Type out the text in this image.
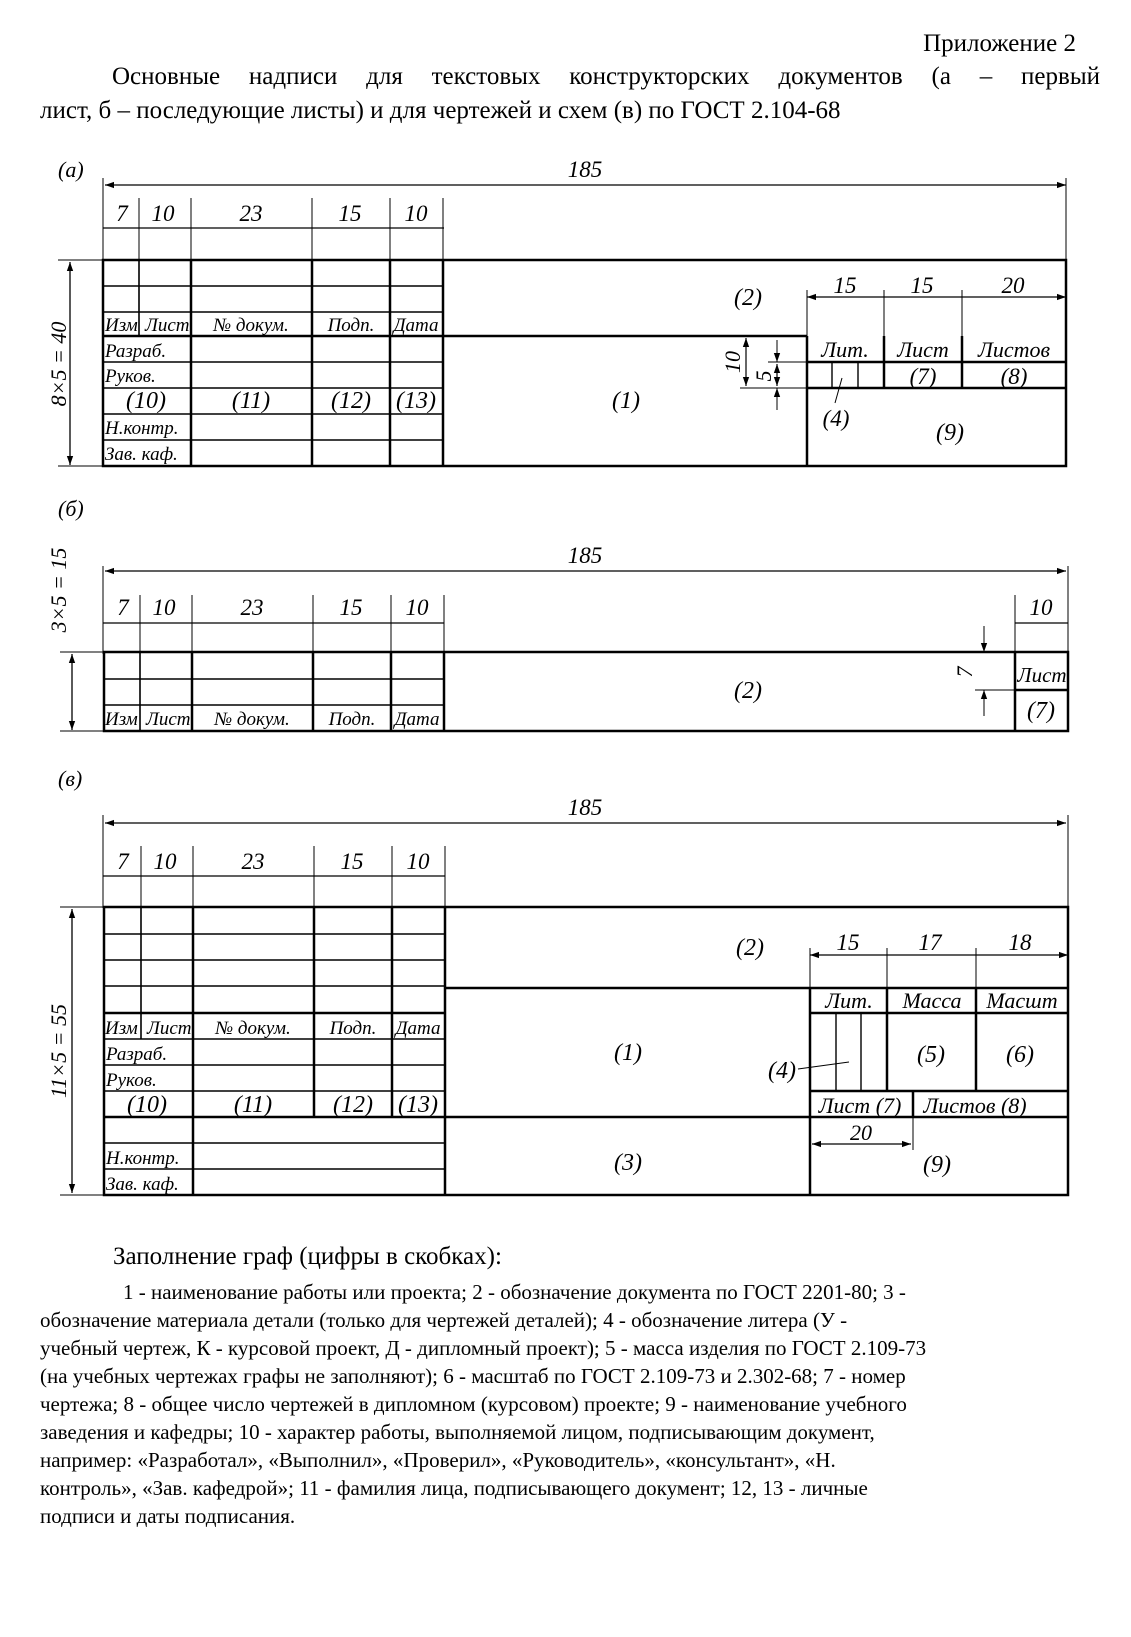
Приложение 2
Основные надписи для текстовых конструкторских документов (а – первый
лист, б – последующие листы) и для чертежей и схем (в) по ГОСТ 2.104-68
(а)	185
7 10	23	15 10
8×5 = 40 Изм Лист № докум. Подп. Дата
Разраб.
Руков.
Н.контр.
Зав. каф.
(10)	(11)	(12) (13)	(1)
(2)	15 15	20
10
5
Лит. Лист Листов
(7)	(8)
(4)
(9)
(б)
185
7 10	23	15 10	10
3×5 = 15
Изм Лист № докум. Подп. Дата
(2)
7 Лист
(7)
(в)
185
7 10	23	15 10
11×5 = 55 Изм Лист № докум. Подп. Дата
Разраб.
Руков.
Н.контр.
Зав. каф.
(10)	(11)	(12) (13)
(1)
(2)
(3)
15	17	18
Лит. Масса Масшт
(5)	(6)
(4)
Лист (7) Листов (8)
20
(9)
Заполнение граф (цифры в скобках):
1 - наименование работы или проекта; 2 - обозначение документа по ГОСТ 2201-80; 3 -
обозначение материала детали (только для чертежей деталей); 4 - обозначение литера (У -
учебный чертеж, К - курсовой проект, Д - дипломный проект); 5 - масса изделия по ГОСТ 2.109-73
(на учебных чертежах графы не заполняют); 6 - масштаб по ГОСТ 2.109-73 и 2.302-68; 7 - номер
чертежа; 8 - общее число чертежей в дипломном (курсовом) проекте; 9 - наименование учебного
заведения и кафедры; 10 - характер работы, выполняемой лицом, подписывающим документ,
например: «Разработал», «Выполнил», «Проверил», «Руководитель», «консультант», «Н.
контроль», «Зав. кафедрой»; 11 - фамилия лица, подписывающего документ; 12, 13 - личные
подписи и даты подписания.
